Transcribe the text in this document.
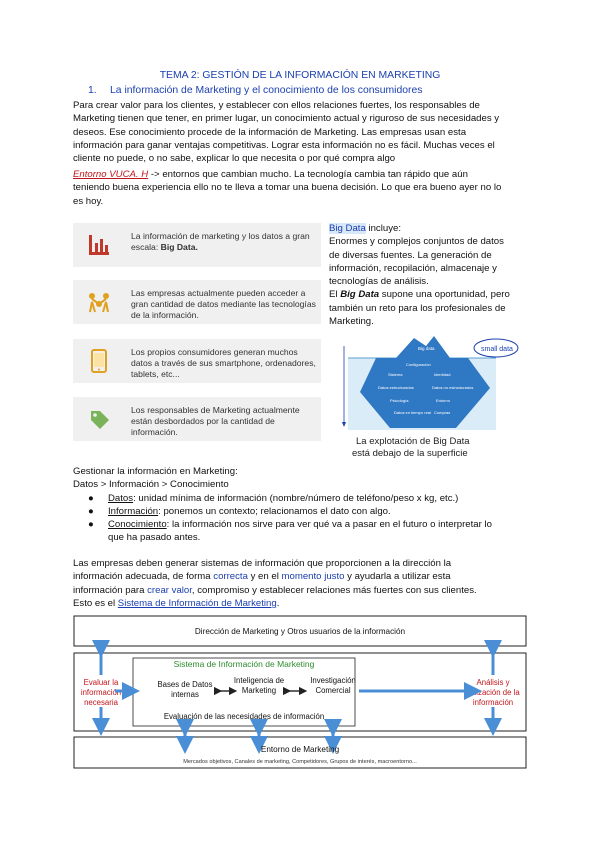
TEMA 2: GESTIÓN DE LA INFORMACIÓN EN MARKETING
1. La información de Marketing y el conocimiento de los consumidores
Para crear valor para los clientes, y establecer con ellos relaciones fuertes, los responsables de
Marketing tienen que tener, en primer lugar, un conocimiento actual y riguroso de sus necesidades y
deseos. Ese conocimiento procede de la información de Marketing. Las empresas usan esta
información para ganar ventajas competitivas. Lograr esta información no es fácil. Muchas veces el
cliente no puede, o no sabe, explicar lo que necesita o por qué compra algo
Entorno VUCA. H -> entornos que cambian mucho. La tecnología cambia tan rápido que aún
teniendo buena experiencia ello no te lleva a tomar una buena decisión. Lo que era bueno ayer no lo
es hoy.
La información de marketing y los datos a gran escala: Big Data.
Las empresas actualmente pueden acceder a gran cantidad de datos mediante las tecnologías de la información.
Los propios consumidores generan muchos datos a través de sus smartphone, ordenadores, tablets, etc...
Los responsables de Marketing actualmente están desbordados por la cantidad de información.
Big Data incluye:
Enormes y complejos conjuntos de datos
de diversas fuentes. La generación de
información, recopilación, almacenaje y
tecnologías de análisis.
El Big Data supone una oportunidad, pero
también un reto para los profesionales de
Marketing.
Big data
Configuración
Sistema	Identidad
Datos estructurados	Datos no estructurados
Psicología	Entorno
Datos en tiempo real Compras
small data
La explotación de Big Data
está debajo de la superficie
Gestionar la información en Marketing:
Datos > Información > Conocimiento
●	Datos: unidad mínima de información (nombre/número de teléfono/peso x kg, etc.)
●	Información: ponemos un contexto; relacionamos el dato con algo.
●	Conocimiento: la información nos sirve para ver qué va a pasar en el futuro o interpretar lo
que ha pasado antes.
Las empresas deben generar sistemas de información que proporcionen a la dirección la
información adecuada, de forma correcta y en el momento justo y ayudarla a utilizar esta
información para crear valor, compromiso y establecer relaciones más fuertes con sus clientes.
Esto es el Sistema de Información de Marketing.
Dirección de Marketing y Otros usuarios de la información
Sistema de Información de Marketing
Evaluar la
información
necesaria
Análisis y
utilización de la
información
Bases de Datos
internas
Inteligencia de
Marketing
Investigación
Comercial
Evaluación de las necesidades de información
Entorno de Marketing
Mercados objetivos, Canales de marketing, Competidores, Grupos de interés, macroentorno...
